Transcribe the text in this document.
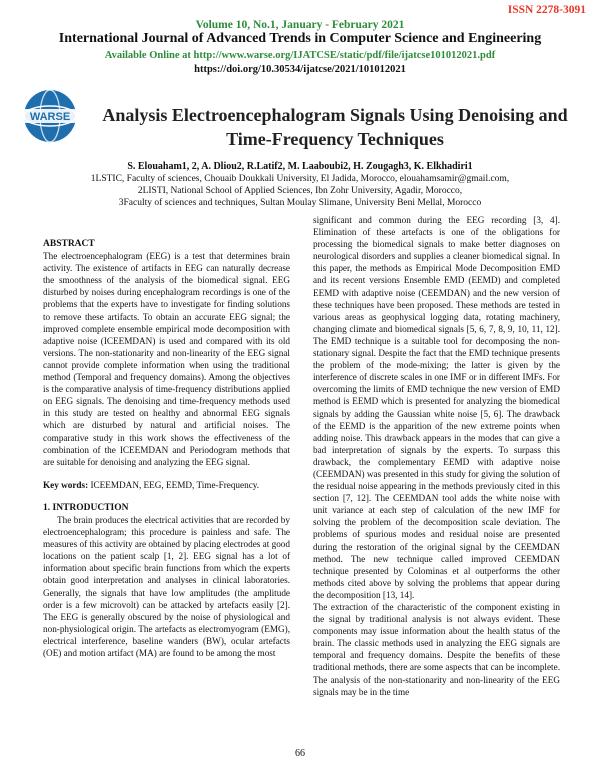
ISSN 2278-3091
Volume 10, No.1, January - February 2021
International Journal of Advanced Trends in Computer Science and Engineering
Available Online at http://www.warse.org/IJATCSE/static/pdf/file/ijatcse101012021.pdf
https://doi.org/10.30534/ijatcse/2021/101012021
WARSE Analysis Electroencephalogram Signals Using Denoising and Time-Frequency Techniques
S. Elouaham1, 2, A. Dliou2, R.Latif2, M. Laaboubi2, H. Zougagh3, K. Elkhadiri1
1LSTIC, Faculty of sciences, Chouaib Doukkali University, El Jadida, Morocco, elouahamsamir@gmail.com,
2LISTI, National School of Applied Sciences, Ibn Zohr University, Agadir, Morocco,
3Faculty of sciences and techniques, Sultan Moulay Slimane, University Beni Mellal, Morocco

ABSTRACT

The electroencephalogram (EEG) is a test that determines brain activity. The existence of artifacts in EEG can naturally decrease the smoothness of the analysis of the biomedical signal. EEG disturbed by noises during encephalogram recordings is one of the problems that the experts have to investigate for finding solutions to remove these artifacts. To obtain an accurate EEG signal; the improved complete ensemble empirical mode decomposition with adaptive noise (ICEEMDAN) is used and compared with its old versions. The non-stationarity and non-linearity of the EEG signal cannot provide complete information when using the traditional method (Temporal and frequency domains). Among the objectives is the comparative analysis of time-frequency distributions applied on EEG signals. The denoising and time-frequency methods used in this study are tested on healthy and abnormal EEG signals which are disturbed by natural and artificial noises. The comparative study in this work shows the effectiveness of the combination of the ICEEMDAN and Periodogram methods that are suitable for denoising and analyzing the EEG signal.

Key words: ICEEMDAN, EEG, EEMD, Time-Frequency.

1. INTRODUCTION

The brain produces the electrical activities that are recorded by electroencephalogram; this procedure is painless and safe. The measures of this activity are obtained by placing electrodes at good locations on the patient scalp [1, 2]. EEG signal has a lot of information about specific brain functions from which the experts obtain good interpretation and analyses in clinical laboratories. Generally, the signals that have low amplitudes (the amplitude order is a few microvolt) can be attacked by artefacts easily [2]. The EEG is generally obscured by the noise of physiological and non-physiological origin. The artefacts as electromyogram (EMG), electrical interference, baseline wanders (BW), ocular artefacts (OE) and motion artifact (MA) are found to be among the most

significant and common during the EEG recording [3, 4]. Elimination of these artefacts is one of the obligations for processing the biomedical signals to make better diagnoses on neurological disorders and supplies a cleaner biomedical signal. In this paper, the methods as Empirical Mode Decomposition EMD and its recent versions Ensemble EMD (EEMD) and completed EEMD with adaptive noise (CEEMDAN) and the new version of these techniques have been proposed. These methods are tested in various areas as geophysical logging data, rotating machinery, changing climate and biomedical signals [5, 6, 7, 8, 9, 10, 11, 12]. The EMD technique is a suitable tool for decomposing the non-stationary signal. Despite the fact that the EMD technique presents the problem of the mode-mixing; the latter is given by the interference of discrete scales in one IMF or in different IMFs. For overcoming the limits of EMD technique the new version of EMD method is EEMD which is presented for analyzing the biomedical signals by adding the Gaussian white noise [5, 6]. The drawback of the EEMD is the apparition of the new extreme points when adding noise. This drawback appears in the modes that can give a bad interpretation of signals by the experts. To surpass this drawback, the complementary EEMD with adaptive noise (CEEMDAN) was presented in this study for giving the solution of the residual noise appearing in the methods previously cited in this section [7, 12]. The CEEMDAN tool adds the white noise with unit variance at each step of calculation of the new IMF for solving the problem of the decomposition scale deviation. The problems of spurious modes and residual noise are presented during the restoration of the original signal by the CEEMDAN method. The new technique called improved CEEMDAN technique presented by Colominas et al outperforms the other methods cited above by solving the problems that appear during the decomposition [13, 14].

The extraction of the characteristic of the component existing in the signal by traditional analysis is not always evident. These components may issue information about the health status of the brain. The classic methods used in analyzing the EEG signals are temporal and frequency domains. Despite the benefits of these traditional methods, there are some aspects that can be incomplete. The analysis of the non-stationarity and non-linearity of the EEG signals may be in the time

66
